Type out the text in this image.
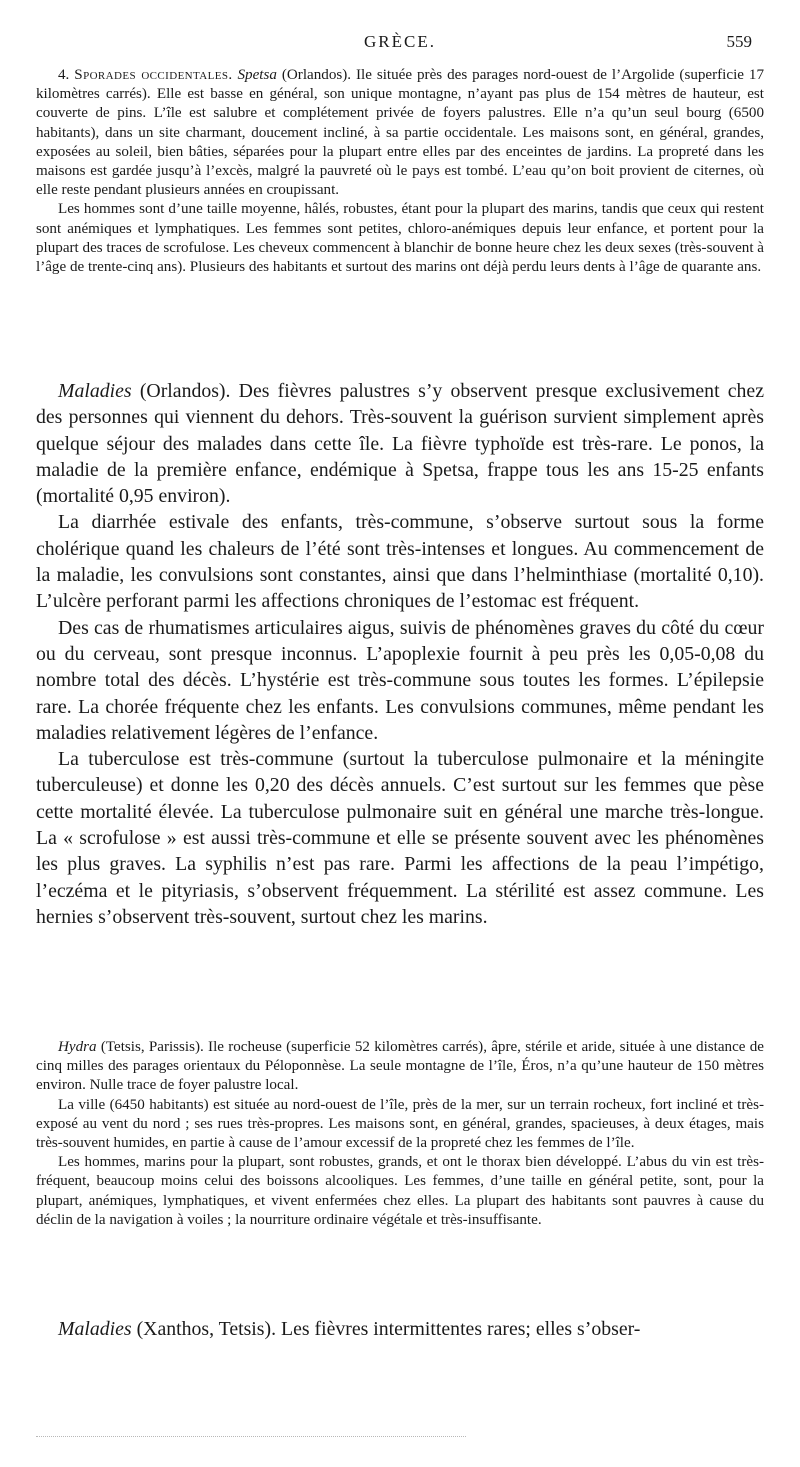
GRÈCE.	559

4. Sporades occidentales. Spetsa (Orlandos). Ile située près des parages nord-ouest de l’Argolide (superficie 17 kilomètres carrés). Elle est basse en général, son unique montagne, n’ayant pas plus de 154 mètres de hauteur, est couverte de pins. L’île est salubre et complétement privée de foyers palustres. Elle n’a qu’un seul bourg (6500 habitants), dans un site charmant, doucement incliné, à sa partie occidentale. Les maisons sont, en général, grandes, exposées au soleil, bien bâties, séparées pour la plupart entre elles par des enceintes de jardins. La propreté dans les maisons est gardée jusqu’à l’excès, malgré la pauvreté où le pays est tombé. L’eau qu’on boit provient de citernes, où elle reste pendant plusieurs années en croupissant.

Les hommes sont d’une taille moyenne, hâlés, robustes, étant pour la plupart des marins, tandis que ceux qui restent sont anémiques et lymphatiques. Les femmes sont petites, chloro-anémiques depuis leur enfance, et portent pour la plupart des traces de scrofulose. Les cheveux commencent à blanchir de bonne heure chez les deux sexes (très-souvent à l’âge de trente-cinq ans). Plusieurs des habitants et surtout des marins ont déjà perdu leurs dents à l’âge de quarante ans.

Maladies (Orlandos). Des fièvres palustres s’y observent presque exclusivement chez des personnes qui viennent du dehors. Très-souvent la guérison survient simplement après quelque séjour des malades dans cette île. La fièvre typhoïde est très-rare. Le ponos, la maladie de la première enfance, endémique à Spetsa, frappe tous les ans 15-25 enfants (mortalité 0,95 environ).

La diarrhée estivale des enfants, très-commune, s’observe surtout sous la forme cholérique quand les chaleurs de l’été sont très-intenses et longues. Au commencement de la maladie, les convulsions sont constantes, ainsi que dans l’helminthiase (mortalité 0,10). L’ulcère perforant parmi les affections chroniques de l’estomac est fréquent.

Des cas de rhumatismes articulaires aigus, suivis de phénomènes graves du côté du cœur ou du cerveau, sont presque inconnus. L’apoplexie fournit à peu près les 0,05-0,08 du nombre total des décès. L’hystérie est très-commune sous toutes les formes. L’épilepsie rare. La chorée fréquente chez les enfants. Les convulsions communes, même pendant les maladies relativement légères de l’enfance.

La tuberculose est très-commune (surtout la tuberculose pulmonaire et la méningite tuberculeuse) et donne les 0,20 des décès annuels. C’est surtout sur les femmes que pèse cette mortalité élevée. La tuberculose pulmonaire suit en général une marche très-longue. La « scrofulose » est aussi très-commune et elle se présente souvent avec les phénomènes les plus graves. La syphilis n’est pas rare. Parmi les affections de la peau l’impétigo, l’eczéma et le pityriasis, s’observent fréquemment. La stérilité est assez commune. Les hernies s’observent très-souvent, surtout chez les marins.

Hydra (Tetsis, Parissis). Ile rocheuse (superficie 52 kilomètres carrés), âpre, stérile et aride, située à une distance de cinq milles des parages orientaux du Péloponnèse. La seule montagne de l’île, Éros, n’a qu’une hauteur de 150 mètres environ. Nulle trace de foyer palustre local.

La ville (6450 habitants) est située au nord-ouest de l’île, près de la mer, sur un terrain rocheux, fort incliné et très-exposé au vent du nord ; ses rues très-propres. Les maisons sont, en général, grandes, spacieuses, à deux étages, mais très-souvent humides, en partie à cause de l’amour excessif de la propreté chez les femmes de l’île.

Les hommes, marins pour la plupart, sont robustes, grands, et ont le thorax bien développé. L’abus du vin est très-fréquent, beaucoup moins celui des boissons alcooliques. Les femmes, d’une taille en général petite, sont, pour la plupart, anémiques, lymphatiques, et vivent enfermées chez elles. La plupart des habitants sont pauvres à cause du déclin de la navigation à voiles ; la nourriture ordinaire végétale et très-insuffisante.

Maladies (Xanthos, Tetsis). Les fièvres intermittentes rares; elles s’obser-
